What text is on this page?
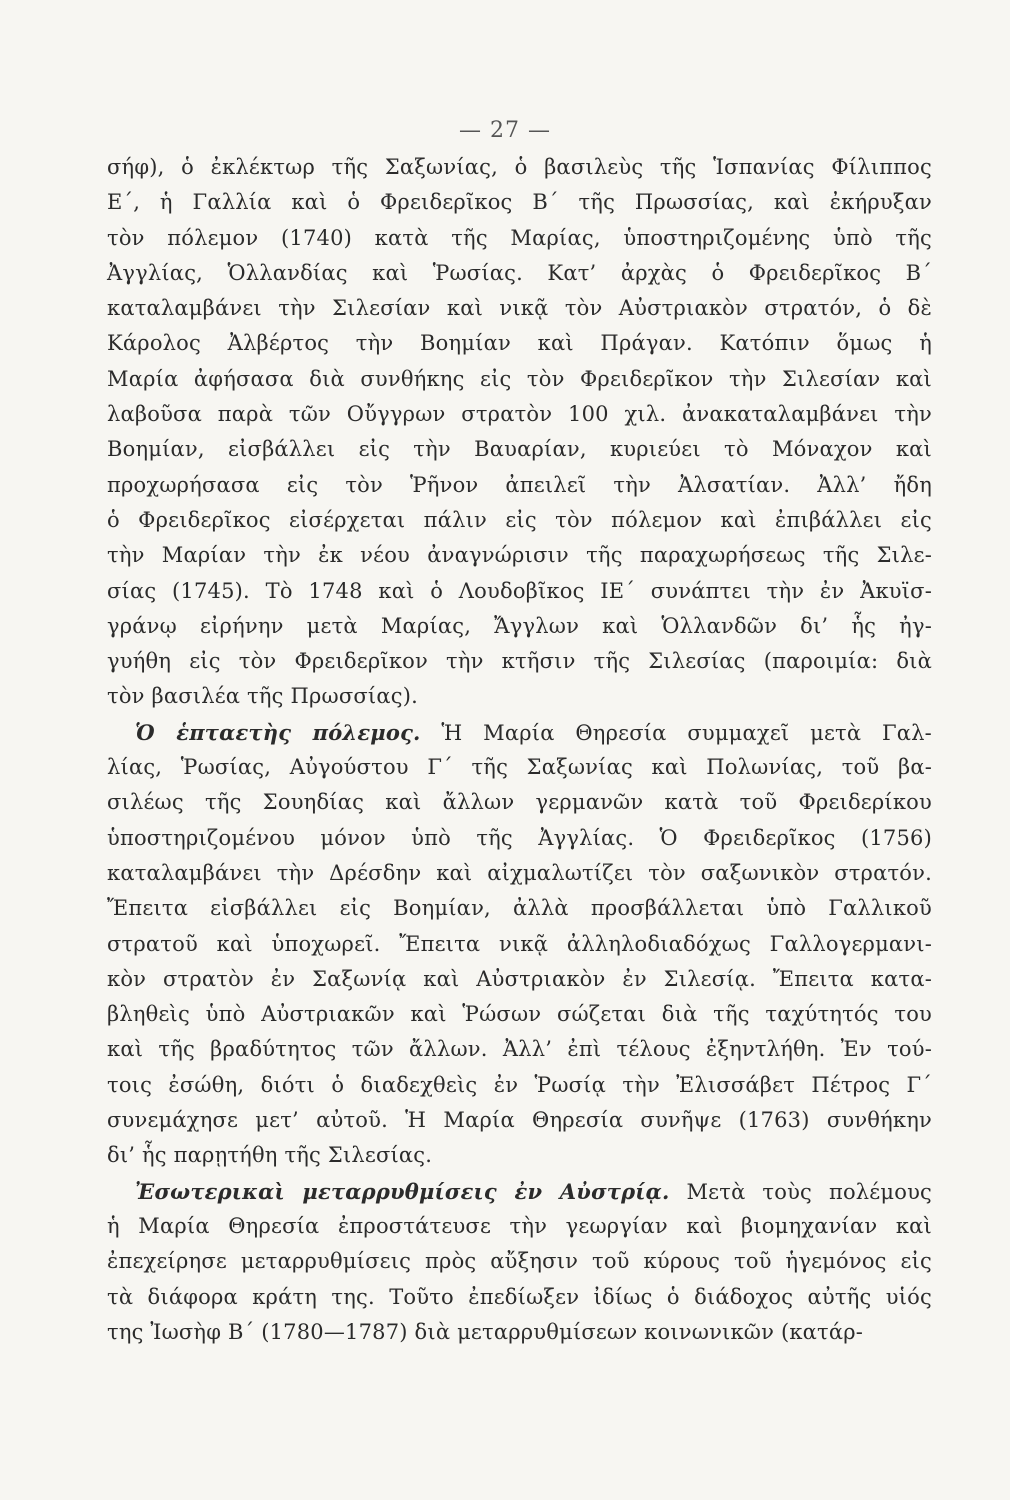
— 27 —
σήφ), ὁ ἐκλέκτωρ τῆς Σαξωνίας, ὁ βασιλεὺς τῆς Ἱσπανίας Φίλιππος
Ε΄, ἡ Γαλλία καὶ ὁ Φρειδερῖκος Β΄ τῆς Πρωσσίας, καὶ ἐκήρυξαν
τὸν πόλεμον (1740) κατὰ τῆς Μαρίας, ὑποστηριζομένης ὑπὸ τῆς
Ἀγγλίας, Ὁλλανδίας καὶ Ῥωσίας. Κατ’ ἀρχὰς ὁ Φρειδερῖκος Β΄
καταλαμβάνει τὴν Σιλεσίαν καὶ νικᾷ τὸν Αὐστριακὸν στρατόν, ὁ δὲ
Κάρολος Ἀλβέρτος τὴν Βοημίαν καὶ Πράγαν. Κατόπιν ὅμως ἡ
Μαρία ἀφήσασα διὰ συνθήκης εἰς τὸν Φρειδερῖκον τὴν Σιλεσίαν καὶ
λαβοῦσα παρὰ τῶν Οὔγγρων στρατὸν 100 χιλ. ἀνακαταλαμβάνει τὴν
Βοημίαν, εἰσβάλλει εἰς τὴν Βαυαρίαν, κυριεύει τὸ Μόναχον καὶ
προχωρήσασα εἰς τὸν Ῥῆνον ἀπειλεῖ τὴν Ἀλσατίαν. Ἀλλ’ ἤδη
ὁ Φρειδερῖκος εἰσέρχεται πάλιν εἰς τὸν πόλεμον καὶ ἐπιβάλλει εἰς
τὴν Μαρίαν τὴν ἐκ νέου ἀναγνώρισιν τῆς παραχωρήσεως τῆς Σιλε-
σίας (1745). Τὸ 1748 καὶ ὁ Λουδοβῖκος ΙΕ΄ συνάπτει τὴν ἐν Ἀκυϊσ-
γράνῳ εἰρήνην μετὰ Μαρίας, Ἄγγλων καὶ Ὁλλανδῶν δι’ ἧς ἠγ-
γυήθη εἰς τὸν Φρειδερῖκον τὴν κτῆσιν τῆς Σιλεσίας (παροιμία: διὰ
τὸν βασιλέα τῆς Πρωσσίας).
Ὁ ἑπταετὴς πόλεμος. Ἡ Μαρία Θηρεσία συμμαχεῖ μετὰ Γαλ-
λίας, Ῥωσίας, Αὐγούστου Γ΄ τῆς Σαξωνίας καὶ Πολωνίας, τοῦ βα-
σιλέως τῆς Σουηδίας καὶ ἄλλων γερμανῶν κατὰ τοῦ Φρειδερίκου
ὑποστηριζομένου μόνον ὑπὸ τῆς Ἀγγλίας. Ὁ Φρειδερῖκος (1756)
καταλαμβάνει τὴν Δρέσδην καὶ αἰχμαλωτίζει τὸν σαξωνικὸν στρατόν.
Ἔπειτα εἰσβάλλει εἰς Βοημίαν, ἀλλὰ προσβάλλεται ὑπὸ Γαλλικοῦ
στρατοῦ καὶ ὑποχωρεῖ. Ἔπειτα νικᾷ ἀλληλοδιαδόχως Γαλλογερμανι-
κὸν στρατὸν ἐν Σαξωνίᾳ καὶ Αὐστριακὸν ἐν Σιλεσίᾳ. Ἔπειτα κατα-
βληθεὶς ὑπὸ Αὐστριακῶν καὶ Ῥώσων σώζεται διὰ τῆς ταχύτητός του
καὶ τῆς βραδύτητος τῶν ἄλλων. Ἀλλ’ ἐπὶ τέλους ἐξηντλήθη. Ἐν τού-
τοις ἐσώθη, διότι ὁ διαδεχθεὶς ἐν Ῥωσίᾳ τὴν Ἐλισσάβετ Πέτρος Γ΄
συνεμάχησε μετ’ αὐτοῦ. Ἡ Μαρία Θηρεσία συνῆψε (1763) συνθήκην
δι’ ἧς παρῃτήθη τῆς Σιλεσίας.
Ἐσωτερικαὶ μεταρρυθμίσεις ἐν Αὐστρίᾳ. Μετὰ τοὺς πολέμους
ἡ Μαρία Θηρεσία ἐπροστάτευσε τὴν γεωργίαν καὶ βιομηχανίαν καὶ
ἐπεχείρησε μεταρρυθμίσεις πρὸς αὔξησιν τοῦ κύρους τοῦ ἡγεμόνος εἰς
τὰ διάφορα κράτη της. Τοῦτο ἐπεδίωξεν ἰδίως ὁ διάδοχος αὐτῆς υἱός
της Ἰωσὴφ Β΄ (1780—1787) διὰ μεταρρυθμίσεων κοινωνικῶν (κατάρ-
